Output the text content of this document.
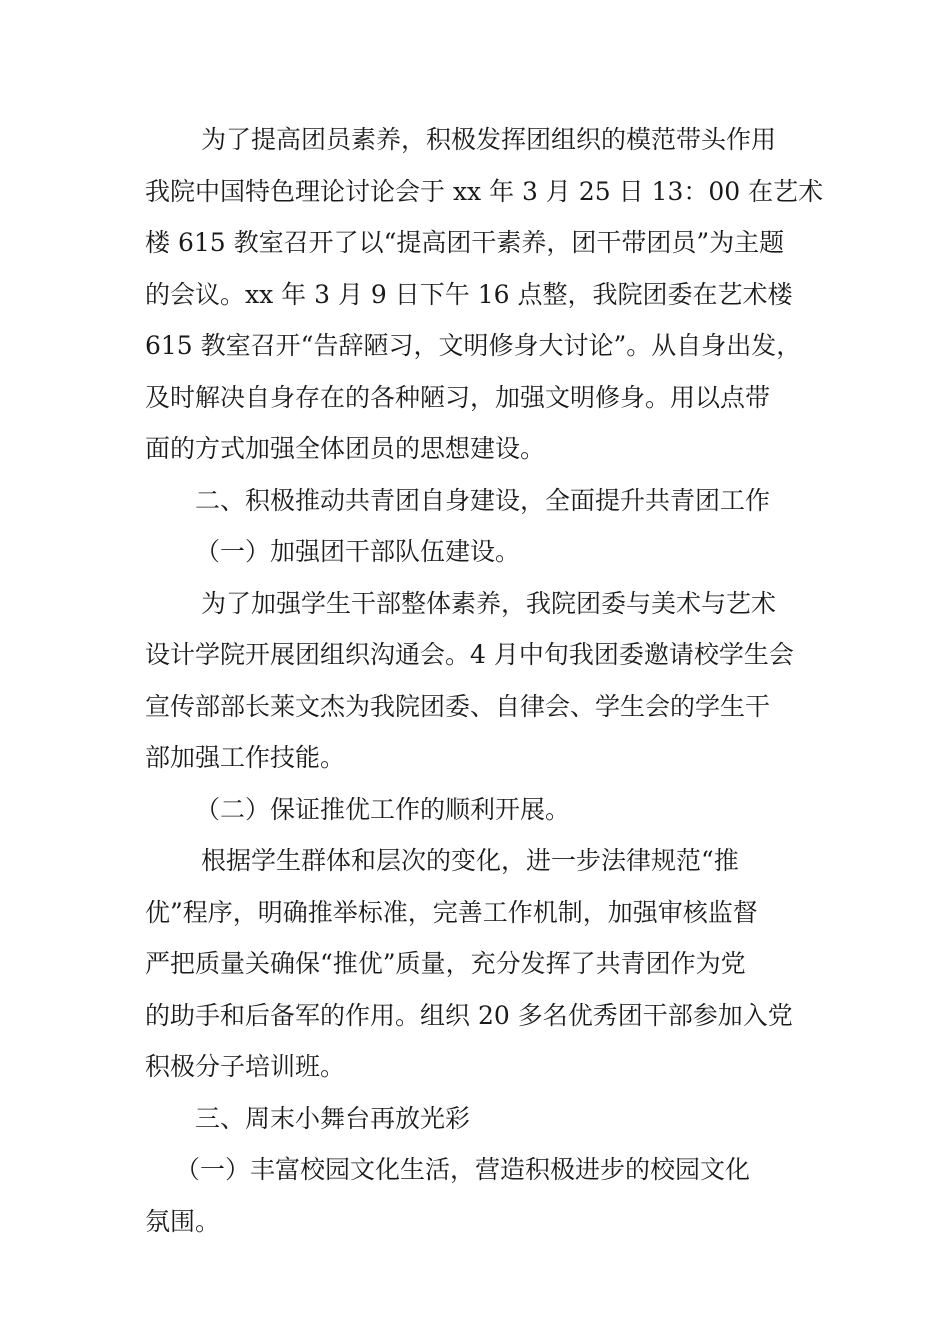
为了提高团员素养，积极发挥团组织的模范带头作用
我院中国特色理论讨论会于 xx 年 3 月 25 日 13：00 在艺术
楼 615 教室召开了以“提高团干素养，团干带团员”为主题
的会议。xx 年 3 月 9 日下午 16 点整，我院团委在艺术楼
615 教室召开“告辞陋习，文明修身大讨论”。从自身出发，
及时解决自身存在的各种陋习，加强文明修身。用以点带
面的方式加强全体团员的思想建设。
二、积极推动共青团自身建设，全面提升共青团工作
（一）加强团干部队伍建设。
为了加强学生干部整体素养，我院团委与美术与艺术
设计学院开展团组织沟通会。4 月中旬我团委邀请校学生会
宣传部部长莱文杰为我院团委、自律会、学生会的学生干
部加强工作技能。
（二）保证推优工作的顺利开展。
根据学生群体和层次的变化，进一步法律规范“推
优”程序，明确推举标准，完善工作机制，加强审核监督
严把质量关确保“推优”质量，充分发挥了共青团作为党
的助手和后备军的作用。组织 20 多名优秀团干部参加入党
积极分子培训班。
三、周末小舞台再放光彩
（一）丰富校园文化生活，营造积极进步的校园文化
氛围。
